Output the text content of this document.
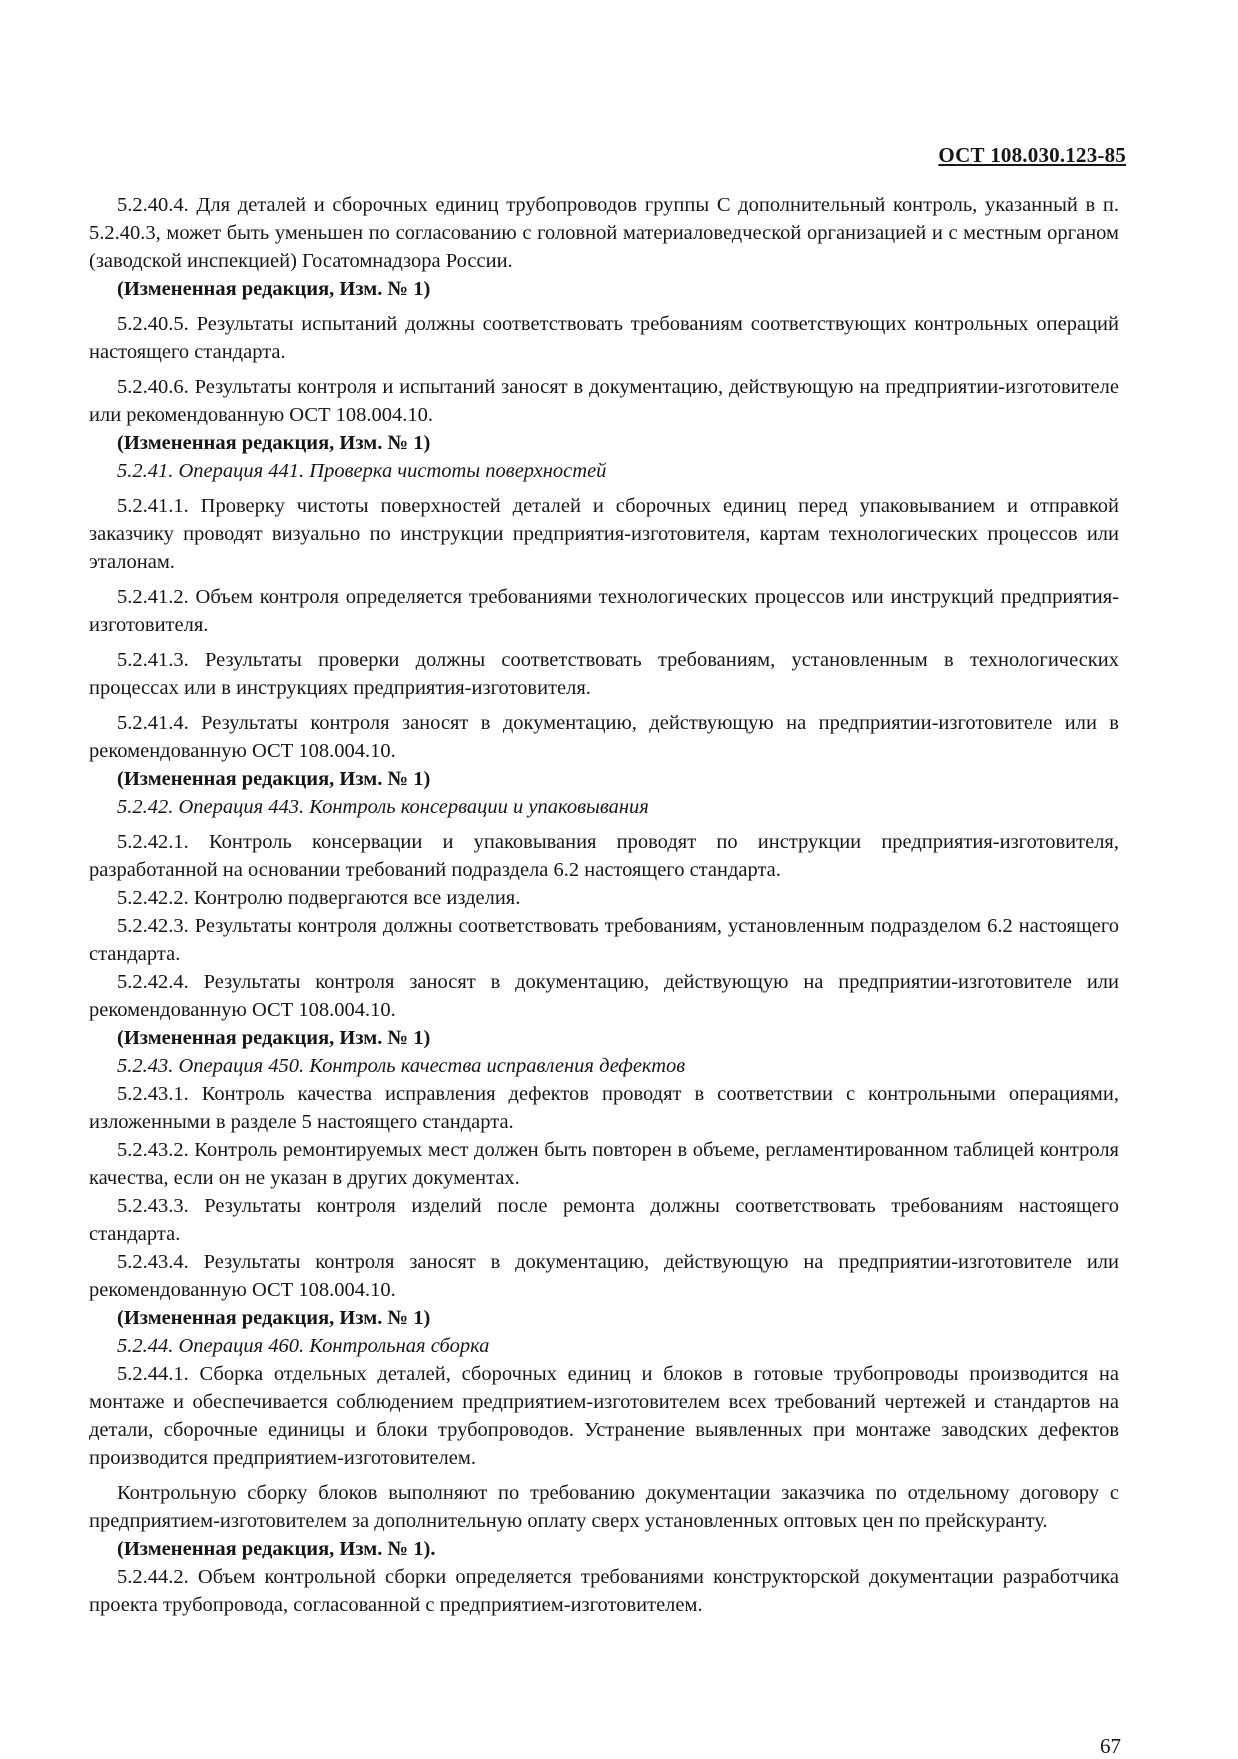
ОСТ 108.030.123-85

5.2.40.4. Для деталей и сборочных единиц трубопроводов группы С дополнительный контроль, указанный в п. 5.2.40.3, может быть уменьшен по согласованию с головной материаловедческой организацией и с местным органом (заводской инспекцией) Госатомнадзора России.

(Измененная редакция, Изм. № 1)

5.2.40.5. Результаты испытаний должны соответствовать требованиям соответствующих контрольных операций настоящего стандарта.

5.2.40.6. Результаты контроля и испытаний заносят в документацию, действующую на предприятии-изготовителе или рекомендованную ОСТ 108.004.10.

(Измененная редакция, Изм. № 1)

5.2.41. Операция 441. Проверка чистоты поверхностей

5.2.41.1. Проверку чистоты поверхностей деталей и сборочных единиц перед упаковыванием и отправкой заказчику проводят визуально по инструкции предприятия-изготовителя, картам технологических процессов или эталонам.

5.2.41.2. Объем контроля определяется требованиями технологических процессов или инструкций предприятия-изготовителя.

5.2.41.3. Результаты проверки должны соответствовать требованиям, установленным в технологических процессах или в инструкциях предприятия-изготовителя.

5.2.41.4. Результаты контроля заносят в документацию, действующую на предприятии-изготовителе или в рекомендованную ОСТ 108.004.10.

(Измененная редакция, Изм. № 1)

5.2.42. Операция 443. Контроль консервации и упаковывания

5.2.42.1. Контроль консервации и упаковывания проводят по инструкции предприятия-изготовителя, разработанной на основании требований подраздела 6.2 настоящего стандарта.

5.2.42.2. Контролю подвергаются все изделия.

5.2.42.3. Результаты контроля должны соответствовать требованиям, установленным подразделом 6.2 настоящего стандарта.

5.2.42.4. Результаты контроля заносят в документацию, действующую на предприятии-изготовителе или рекомендованную ОСТ 108.004.10.

(Измененная редакция, Изм. № 1)

5.2.43. Операция 450. Контроль качества исправления дефектов

5.2.43.1. Контроль качества исправления дефектов проводят в соответствии с контрольными операциями, изложенными в разделе 5 настоящего стандарта.

5.2.43.2. Контроль ремонтируемых мест должен быть повторен в объеме, регламентированном таблицей контроля качества, если он не указан в других документах.

5.2.43.3. Результаты контроля изделий после ремонта должны соответствовать требованиям настоящего стандарта.

5.2.43.4. Результаты контроля заносят в документацию, действующую на предприятии-изготовителе или рекомендованную ОСТ 108.004.10.

(Измененная редакция, Изм. № 1)

5.2.44. Операция 460. Контрольная сборка

5.2.44.1. Сборка отдельных деталей, сборочных единиц и блоков в готовые трубопроводы производится на монтаже и обеспечивается соблюдением предприятием-изготовителем всех требований чертежей и стандартов на детали, сборочные единицы и блоки трубопроводов. Устранение выявленных при монтаже заводских дефектов производится предприятием-изготовителем.

Контрольную сборку блоков выполняют по требованию документации заказчика по отдельному договору с предприятием-изготовителем за дополнительную оплату сверх установленных оптовых цен по прейскуранту.

(Измененная редакция, Изм. № 1).

5.2.44.2. Объем контрольной сборки определяется требованиями конструкторской документации разработчика проекта трубопровода, согласованной с предприятием-изготовителем.

67
